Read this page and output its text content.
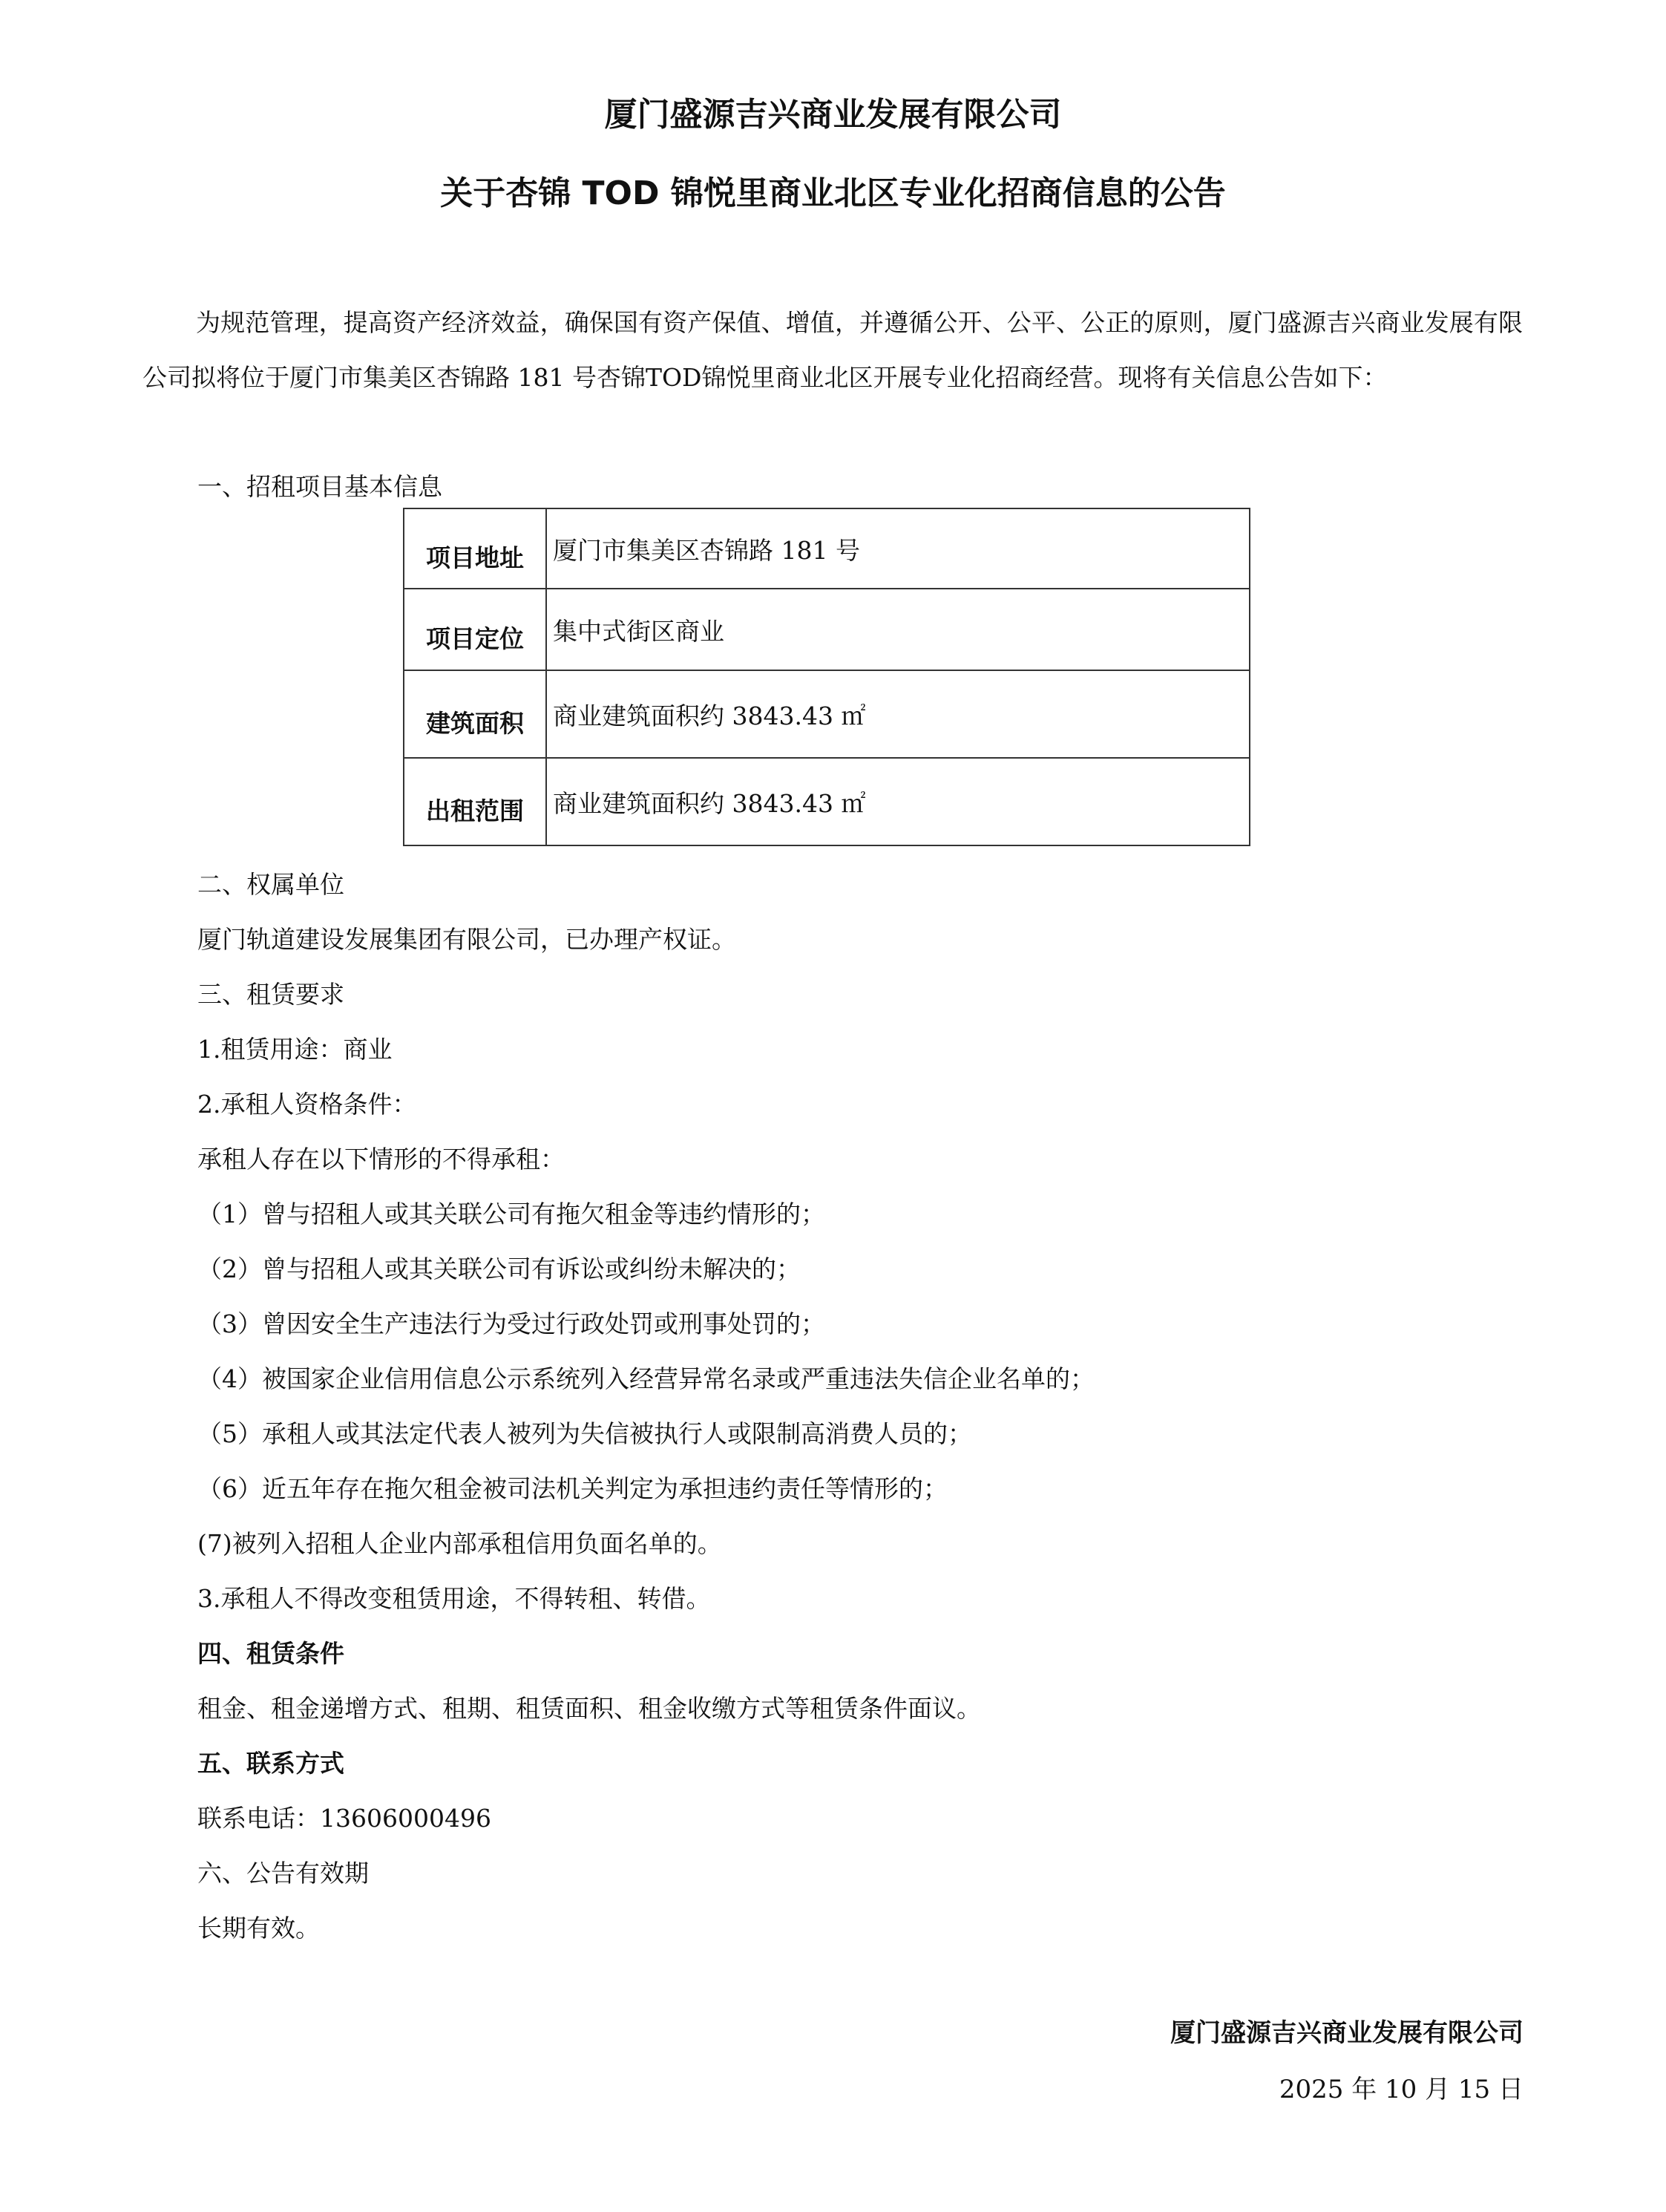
厦门盛源吉兴商业发展有限公司
关于杏锦 TOD 锦悦里商业北区专业化招商信息的公告

为规范管理，提高资产经济效益，确保国有资产保值、增值，并遵循公开、公平、公正的原则，厦门盛源吉兴商业发展有限公司拟将位于厦门市集美区杏锦路 181 号杏锦TOD锦悦里商业北区开展专业化招商经营。现将有关信息公告如下：

一、招租项目基本信息
项目地址	厦门市集美区杏锦路 181 号
项目定位	集中式街区商业
建筑面积	商业建筑面积约 3843.43 ㎡
出租范围	商业建筑面积约 3843.43 ㎡
二、权属单位
厦门轨道建设发展集团有限公司，已办理产权证。
三、租赁要求
1.租赁用途：商业
2.承租人资格条件：
承租人存在以下情形的不得承租：
（1）曾与招租人或其关联公司有拖欠租金等违约情形的；
（2）曾与招租人或其关联公司有诉讼或纠纷未解决的；
（3）曾因安全生产违法行为受过行政处罚或刑事处罚的；
（4）被国家企业信用信息公示系统列入经营异常名录或严重违法失信企业名单的；
（5）承租人或其法定代表人被列为失信被执行人或限制高消费人员的；
（6）近五年存在拖欠租金被司法机关判定为承担违约责任等情形的；
(7)被列入招租人企业内部承租信用负面名单的。
3.承租人不得改变租赁用途，不得转租、转借。
四、租赁条件
租金、租金递增方式、租期、租赁面积、租金收缴方式等租赁条件面议。
五、联系方式
联系电话：13606000496
六、公告有效期
长期有效。
厦门盛源吉兴商业发展有限公司
2025 年 10 月 15 日
